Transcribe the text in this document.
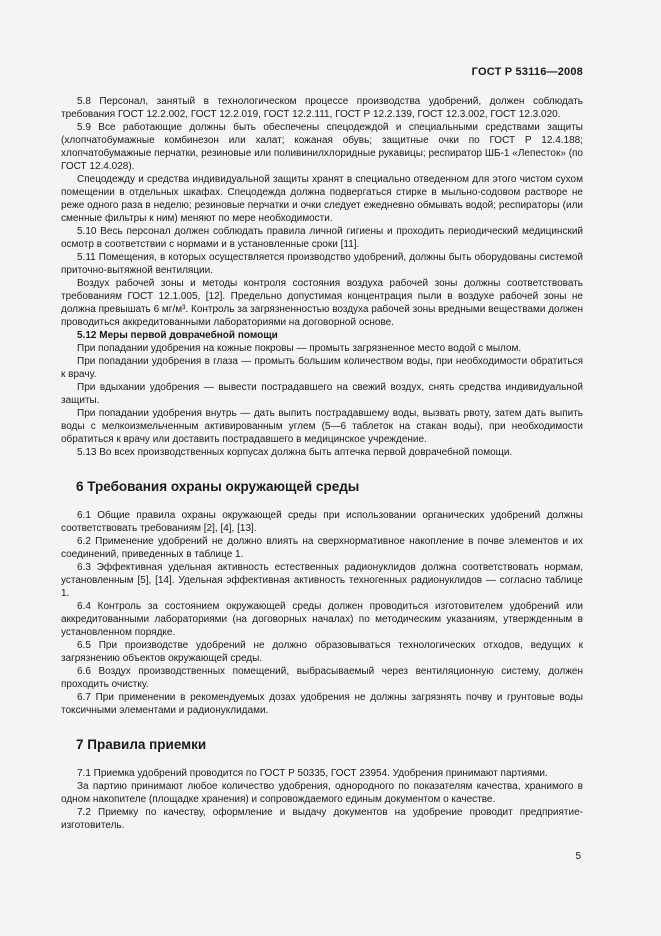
ГОСТ Р 53116—2008

5.8 Персонал, занятый в технологическом процессе производства удобрений, должен соблюдать требования ГОСТ 12.2.002, ГОСТ 12.2.019, ГОСТ 12.2.111, ГОСТ Р 12.2.139, ГОСТ 12.3.002, ГОСТ 12.3.020.

5.9 Все работающие должны быть обеспечены спецодеждой и специальными средствами защиты (хлопчатобумажные комбинезон или халат; кожаная обувь; защитные очки по ГОСТ Р 12.4.188; хлопчатобумажные перчатки, резиновые или поливинилхлоридные рукавицы; респиратор ШБ-1 «Лепесток» (по ГОСТ 12.4.028).

Спецодежду и средства индивидуальной защиты хранят в специально отведенном для этого чистом сухом помещении в отдельных шкафах. Спецодежда должна подвергаться стирке в мыльно-содовом растворе не реже одного раза в неделю; резиновые перчатки и очки следует ежедневно обмывать водой; респираторы (или сменные фильтры к ним) меняют по мере необходимости.

5.10 Весь персонал должен соблюдать правила личной гигиены и проходить периодический медицинский осмотр в соответствии с нормами и в установленные сроки [11].

5.11 Помещения, в которых осуществляется производство удобрений, должны быть оборудованы системой приточно-вытяжной вентиляции.

Воздух рабочей зоны и методы контроля состояния воздуха рабочей зоны должны соответствовать требованиям ГОСТ 12.1.005, [12]. Предельно допустимая концентрация пыли в воздухе рабочей зоны не должна превышать 6 мг/м³. Контроль за загрязненностью воздуха рабочей зоны вредными веществами должен проводиться аккредитованными лабораториями на договорной основе.

5.12 Меры первой доврачебной помощи

При попадании удобрения на кожные покровы — промыть загрязненное место водой с мылом.

При попадании удобрения в глаза — промыть большим количеством воды, при необходимости обратиться к врачу.

При вдыхании удобрения — вывести пострадавшего на свежий воздух, снять средства индивидуальной защиты.

При попадании удобрения внутрь — дать выпить пострадавшему воды, вызвать рвоту, затем дать выпить воды с мелкоизмельченным активированным углем (5—6 таблеток на стакан воды), при необходимости обратиться к врачу или доставить пострадавшего в медицинское учреждение.

5.13 Во всех производственных корпусах должна быть аптечка первой доврачебной помощи.

6 Требования охраны окружающей среды

6.1 Общие правила охраны окружающей среды при использовании органических удобрений должны соответствовать требованиям [2], [4], [13].

6.2 Применение удобрений не должно влиять на сверхнормативное накопление в почве элементов и их соединений, приведенных в таблице 1.

6.3 Эффективная удельная активность естественных радионуклидов должна соответствовать нормам, установленным [5], [14]. Удельная эффективная активность техногенных радионуклидов — согласно таблице 1.

6.4 Контроль за состоянием окружающей среды должен проводиться изготовителем удобрений или аккредитованными лабораториями (на договорных началах) по методическим указаниям, утвержденным в установленном порядке.

6.5 При производстве удобрений не должно образовываться технологических отходов, ведущих к загрязнению объектов окружающей среды.

6.6 Воздух производственных помещений, выбрасываемый через вентиляционную систему, должен проходить очистку.

6.7 При применении в рекомендуемых дозах удобрения не должны загрязнять почву и грунтовые воды токсичными элементами и радионуклидами.

7 Правила приемки

7.1 Приемка удобрений проводится по ГОСТ Р 50335, ГОСТ 23954. Удобрения принимают партиями.

За партию принимают любое количество удобрения, однородного по показателям качества, хранимого в одном накопителе (площадке хранения) и сопровождаемого единым документом о качестве.

7.2 Приемку по качеству, оформление и выдачу документов на удобрение проводит предприятие-изготовитель.

5
